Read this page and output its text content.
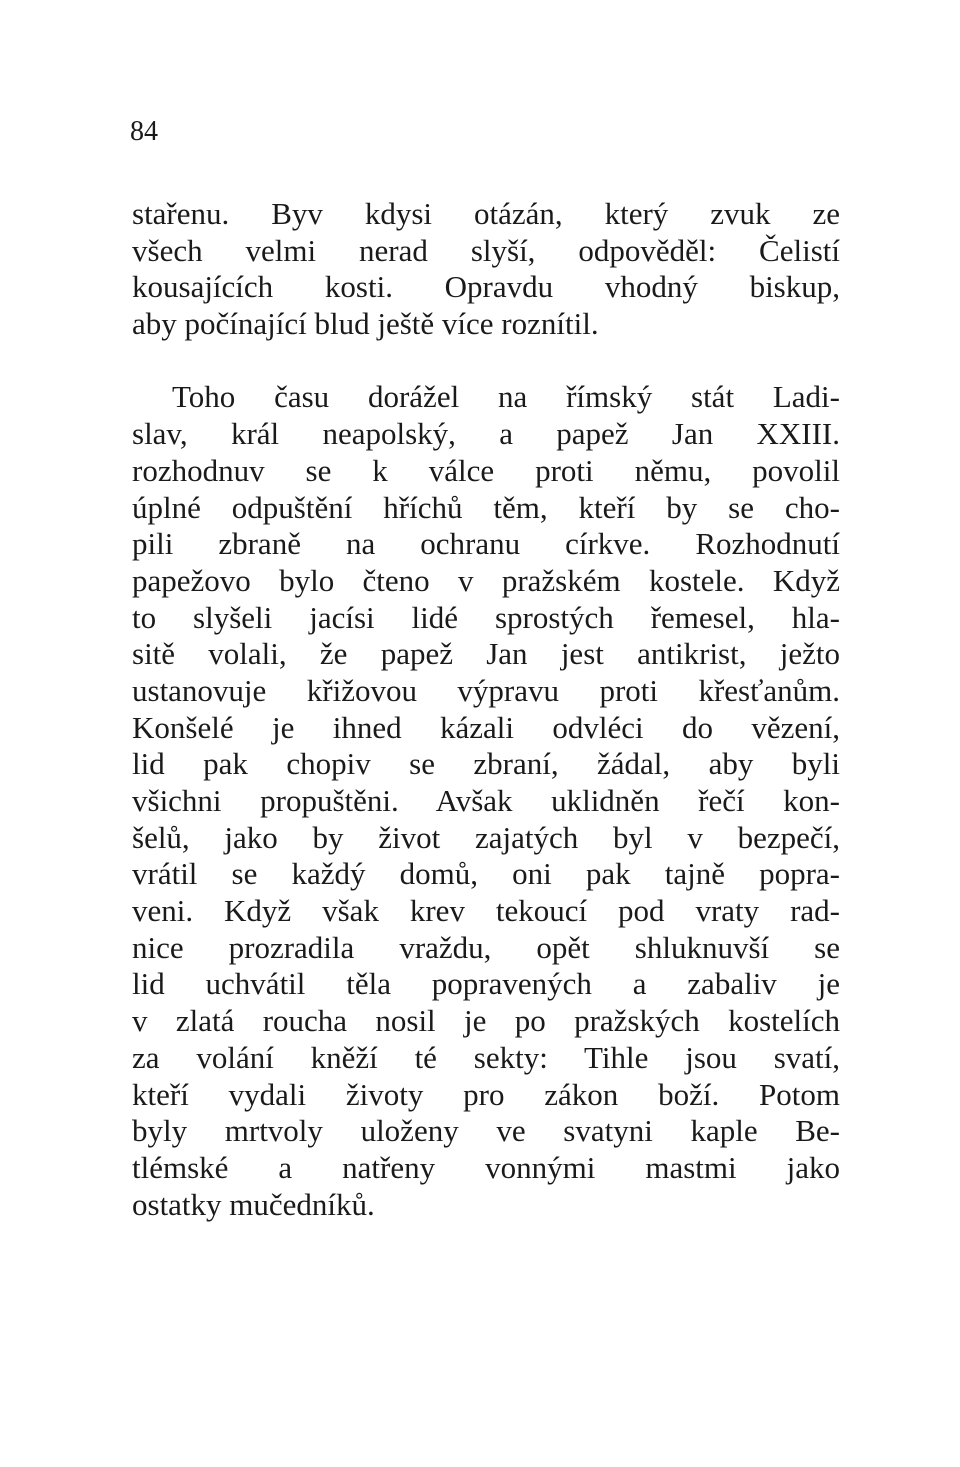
84
stařenu. Byv kdysi otázán, který zvuk ze
všech velmi nerad slyší, odpověděl: Čelistí
kousajících kosti. Opravdu vhodný biskup,
aby počínající blud ještě více roznítil.
Toho času dorážel na římský stát Ladi-
slav, král neapolský, a papež Jan XXIII.
rozhodnuv se k válce proti němu, povolil
úplné odpuštění hříchů těm, kteří by se cho-
pili zbraně na ochranu církve. Rozhodnutí
papežovo bylo čteno v pražském kostele. Když
to slyšeli jacísi lidé sprostých řemesel, hla-
sitě volali, že papež Jan jest antikrist, ježto
ustanovuje křižovou výpravu proti křesťanům.
Konšelé je ihned kázali odvléci do vězení,
lid pak chopiv se zbraní, žádal, aby byli
všichni propuštěni. Avšak uklidněn řečí kon-
šelů, jako by život zajatých byl v bezpečí,
vrátil se každý domů, oni pak tajně popra-
veni. Když však krev tekoucí pod vraty rad-
nice prozradila vraždu, opět shluknuvší se
lid uchvátil těla popravených a zabaliv je
v zlatá roucha nosil je po pražských kostelích
za volání kněží té sekty: Tihle jsou svatí,
kteří vydali životy pro zákon boží. Potom
byly mrtvoly uloženy ve svatyni kaple Be-
tlémské a natřeny vonnými mastmi jako
ostatky mučedníků.
